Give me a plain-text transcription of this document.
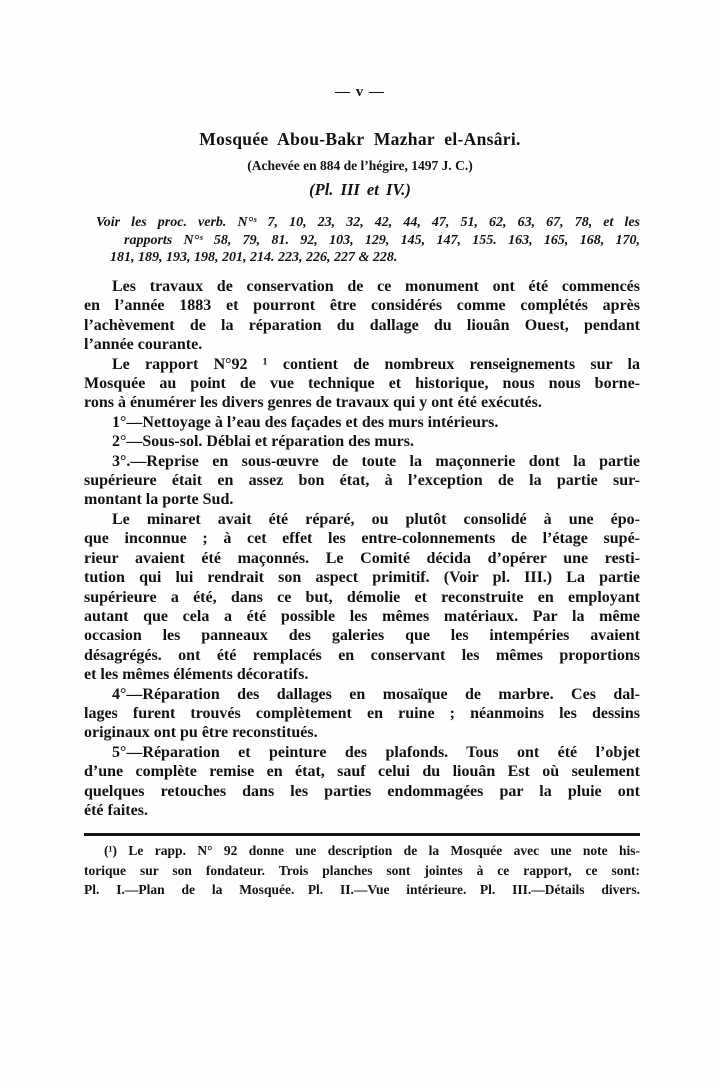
— v —
Mosquée Abou-Bakr Mazhar el-Ansâri.
(Achevée en 884 de l’hégire, 1497 J. C.)
(Pl. III et IV.)
Voir les proc. verb. N°ˢ 7, 10, 23, 32, 42, 44, 47, 51, 62, 63, 67, 78, et les
rapports N°ˢ 58, 79, 81. 92, 103, 129, 145, 147, 155. 163, 165, 168, 170,
181, 189, 193, 198, 201, 214. 223, 226, 227 & 228.
Les travaux de conservation de ce monument ont été commencés
en l’année 1883 et pourront être considérés comme complétés après
l’achèvement de la réparation du dallage du liouân Ouest, pendant
l’année courante.
Le rapport N°92 ¹ contient de nombreux renseignements sur la
Mosquée au point de vue technique et historique, nous nous borne-
rons à énumérer les divers genres de travaux qui y ont été exécutés.
1°—Nettoyage à l’eau des façades et des murs intérieurs.
2°—Sous-sol. Déblai et réparation des murs.
3°.—Reprise en sous-œuvre de toute la maçonnerie dont la partie
supérieure était en assez bon état, à l’exception de la partie sur-
montant la porte Sud.
Le minaret avait été réparé, ou plutôt consolidé à une épo-
que inconnue ; à cet effet les entre-colonnements de l’étage supé-
rieur avaient été maçonnés. Le Comité décida d’opérer une resti-
tution qui lui rendrait son aspect primitif. (Voir pl. III.) La partie
supérieure a été, dans ce but, démolie et reconstruite en employant
autant que cela a été possible les mêmes matériaux. Par la même
occasion les panneaux des galeries que les intempéries avaient
désagrégés. ont été remplacés en conservant les mêmes proportions
et les mêmes éléments décoratifs.
4°—Réparation des dallages en mosaïque de marbre. Ces dal-
lages furent trouvés complètement en ruine ; néanmoins les dessins
originaux ont pu être reconstitués.
5°—Réparation et peinture des plafonds. Tous ont été l’objet
d’une complète remise en état, sauf celui du liouân Est où seulement
quelques retouches dans les parties endommagées par la pluie ont
été faites.
(¹) Le rapp. N° 92 donne une description de la Mosquée avec une note his-
torique sur son fondateur. Trois planches sont jointes à ce rapport, ce sont:
Pl. I.—Plan de la Mosquée. Pl. II.—Vue intérieure. Pl. III.—Détails divers.
